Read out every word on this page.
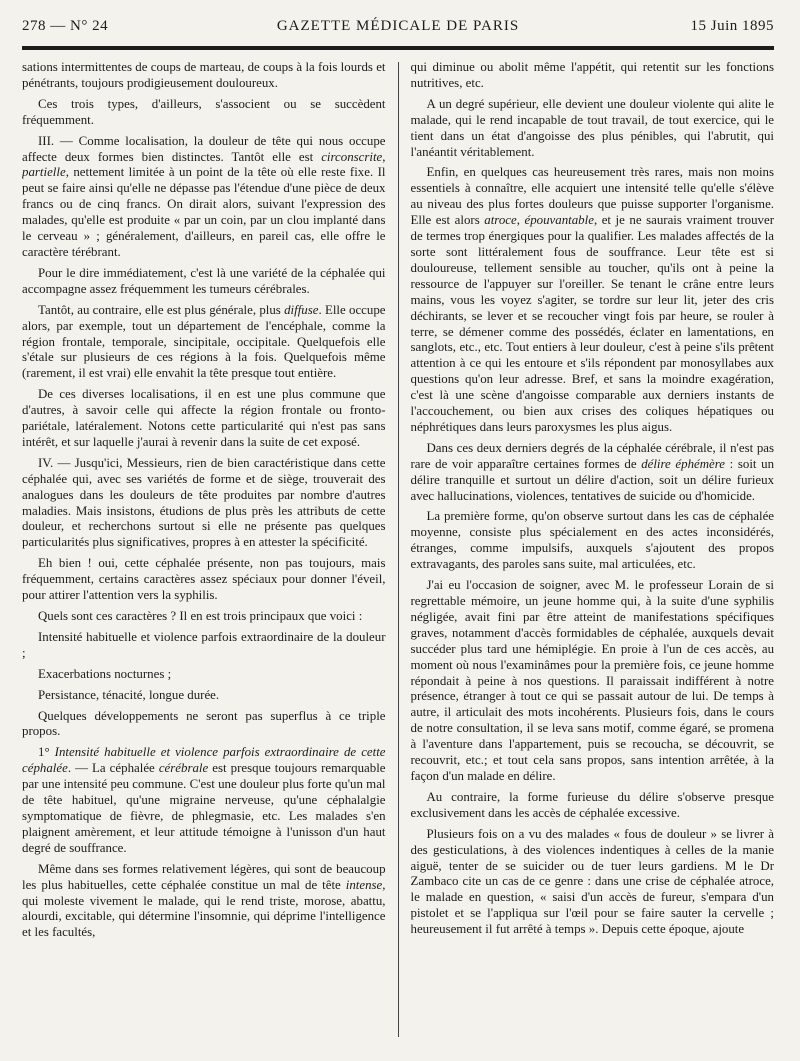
278 — N° 24	GAZETTE MÉDICALE DE PARIS	15 Juin 1895

sations intermittentes de coups de marteau, de coups à la fois lourds et pénétrants, toujours prodigieusement douloureux.

Ces trois types, d'ailleurs, s'associent ou se succèdent fréquemment.

III. — Comme localisation, la douleur de tête qui nous occupe affecte deux formes bien distinctes. Tantôt elle est circonscrite, partielle, nettement limitée à un point de la tête où elle reste fixe. Il peut se faire ainsi qu'elle ne dépasse pas l'étendue d'une pièce de deux francs ou de cinq francs. On dirait alors, suivant l'expression des malades, qu'elle est produite « par un coin, par un clou implanté dans le cerveau » ; généralement, d'ailleurs, en pareil cas, elle offre le caractère térébrant.

Pour le dire immédiatement, c'est là une variété de la céphalée qui accompagne assez fréquemment les tumeurs cérébrales.

Tantôt, au contraire, elle est plus générale, plus diffuse. Elle occupe alors, par exemple, tout un département de l'encéphale, comme la région frontale, temporale, sincipitale, occipitale. Quelquefois elle s'étale sur plusieurs de ces régions à la fois. Quelquefois même (rarement, il est vrai) elle envahit la tête presque tout entière.

De ces diverses localisations, il en est une plus commune que d'autres, à savoir celle qui affecte la région frontale ou fronto-pariétale, latéralement. Notons cette particularité qui n'est pas sans intérêt, et sur laquelle j'aurai à revenir dans la suite de cet exposé.

IV. — Jusqu'ici, Messieurs, rien de bien caractéristique dans cette céphalée qui, avec ses variétés de forme et de siège, trouverait des analogues dans les douleurs de tête produites par nombre d'autres maladies. Mais insistons, étudions de plus près les attributs de cette douleur, et recherchons surtout si elle ne présente pas quelques particularités plus significatives, propres à en attester la spécificité.

Eh bien ! oui, cette céphalée présente, non pas toujours, mais fréquemment, certains caractères assez spéciaux pour donner l'éveil, pour attirer l'attention vers la syphilis.

Quels sont ces caractères ? Il en est trois principaux que voici :

Intensité habituelle et violence parfois extraordinaire de la douleur ;

Exacerbations nocturnes ;

Persistance, ténacité, longue durée.

Quelques développements ne seront pas superflus à ce triple propos.

1° Intensité habituelle et violence parfois extraordinaire de cette céphalée. — La céphalée cérébrale est presque toujours remarquable par une intensité peu commune. C'est une douleur plus forte qu'un mal de tête habituel, qu'une migraine nerveuse, qu'une céphalalgie symptomatique de fièvre, de phlegmasie, etc. Les malades s'en plaignent amèrement, et leur attitude témoigne à l'unisson d'un haut degré de souffrance.

Même dans ses formes relativement légères, qui sont de beaucoup les plus habituelles, cette céphalée constitue un mal de tête intense, qui moleste vivement le malade, qui le rend triste, morose, abattu, alourdi, excitable, qui détermine l'insomnie, qui déprime l'intelligence et les facultés,

qui diminue ou abolit même l'appétit, qui retentit sur les fonctions nutritives, etc.

A un degré supérieur, elle devient une douleur violente qui alite le malade, qui le rend incapable de tout travail, de tout exercice, qui le tient dans un état d'angoisse des plus pénibles, qui l'abrutit, qui l'anéantit véritablement.

Enfin, en quelques cas heureusement très rares, mais non moins essentiels à connaître, elle acquiert une intensité telle qu'elle s'élève au niveau des plus fortes douleurs que puisse supporter l'organisme. Elle est alors atroce, épouvantable, et je ne saurais vraiment trouver de termes trop énergiques pour la qualifier. Les malades affectés de la sorte sont littéralement fous de souffrance. Leur tête est si douloureuse, tellement sensible au toucher, qu'ils ont à peine la ressource de l'appuyer sur l'oreiller. Se tenant le crâne entre leurs mains, vous les voyez s'agiter, se tordre sur leur lit, jeter des cris déchirants, se lever et se recoucher vingt fois par heure, se rouler à terre, se démener comme des possédés, éclater en lamentations, en sanglots, etc., etc. Tout entiers à leur douleur, c'est à peine s'ils prêtent attention à ce qui les entoure et s'ils répondent par monosyllabes aux questions qu'on leur adresse. Bref, et sans la moindre exagération, c'est là une scène d'angoisse comparable aux derniers instants de l'accouchement, ou bien aux crises des coliques hépatiques ou néphrétiques dans leurs paroxysmes les plus aigus.

Dans ces deux derniers degrés de la céphalée cérébrale, il n'est pas rare de voir apparaître certaines formes de délire éphémère : soit un délire tranquille et surtout un délire d'action, soit un délire furieux avec hallucinations, violences, tentatives de suicide ou d'homicide.

La première forme, qu'on observe surtout dans les cas de céphalée moyenne, consiste plus spécialement en des actes inconsidérés, étranges, comme impulsifs, auxquels s'ajoutent des propos extravagants, des paroles sans suite, mal articulées, etc.

J'ai eu l'occasion de soigner, avec M. le professeur Lorain de si regrettable mémoire, un jeune homme qui, à la suite d'une syphilis négligée, avait fini par être atteint de manifestations spécifiques graves, notamment d'accès formidables de céphalée, auxquels devait succéder plus tard une hémiplégie. En proie à l'un de ces accès, au moment où nous l'examinâmes pour la première fois, ce jeune homme répondait à peine à nos questions. Il paraissait indifférent à notre présence, étranger à tout ce qui se passait autour de lui. De temps à autre, il articulait des mots incohérents. Plusieurs fois, dans le cours de notre consultation, il se leva sans motif, comme égaré, se promena à l'aventure dans l'appartement, puis se recoucha, se découvrit, se recouvrit, etc.; et tout cela sans propos, sans intention arrêtée, à la façon d'un malade en délire.

Au contraire, la forme furieuse du délire s'observe presque exclusivement dans les accès de céphalée excessive.

Plusieurs fois on a vu des malades « fous de douleur » se livrer à des gesticulations, à des violences indentiques à celles de la manie aiguë, tenter de se suicider ou de tuer leurs gardiens. M le Dr Zambaco cite un cas de ce genre : dans une crise de céphalée atroce, le malade en question, « saisi d'un accès de fureur, s'empara d'un pistolet et se l'appliqua sur l'œil pour se faire sauter la cervelle ; heureusement il fut arrêté à temps ». Depuis cette époque, ajoute
